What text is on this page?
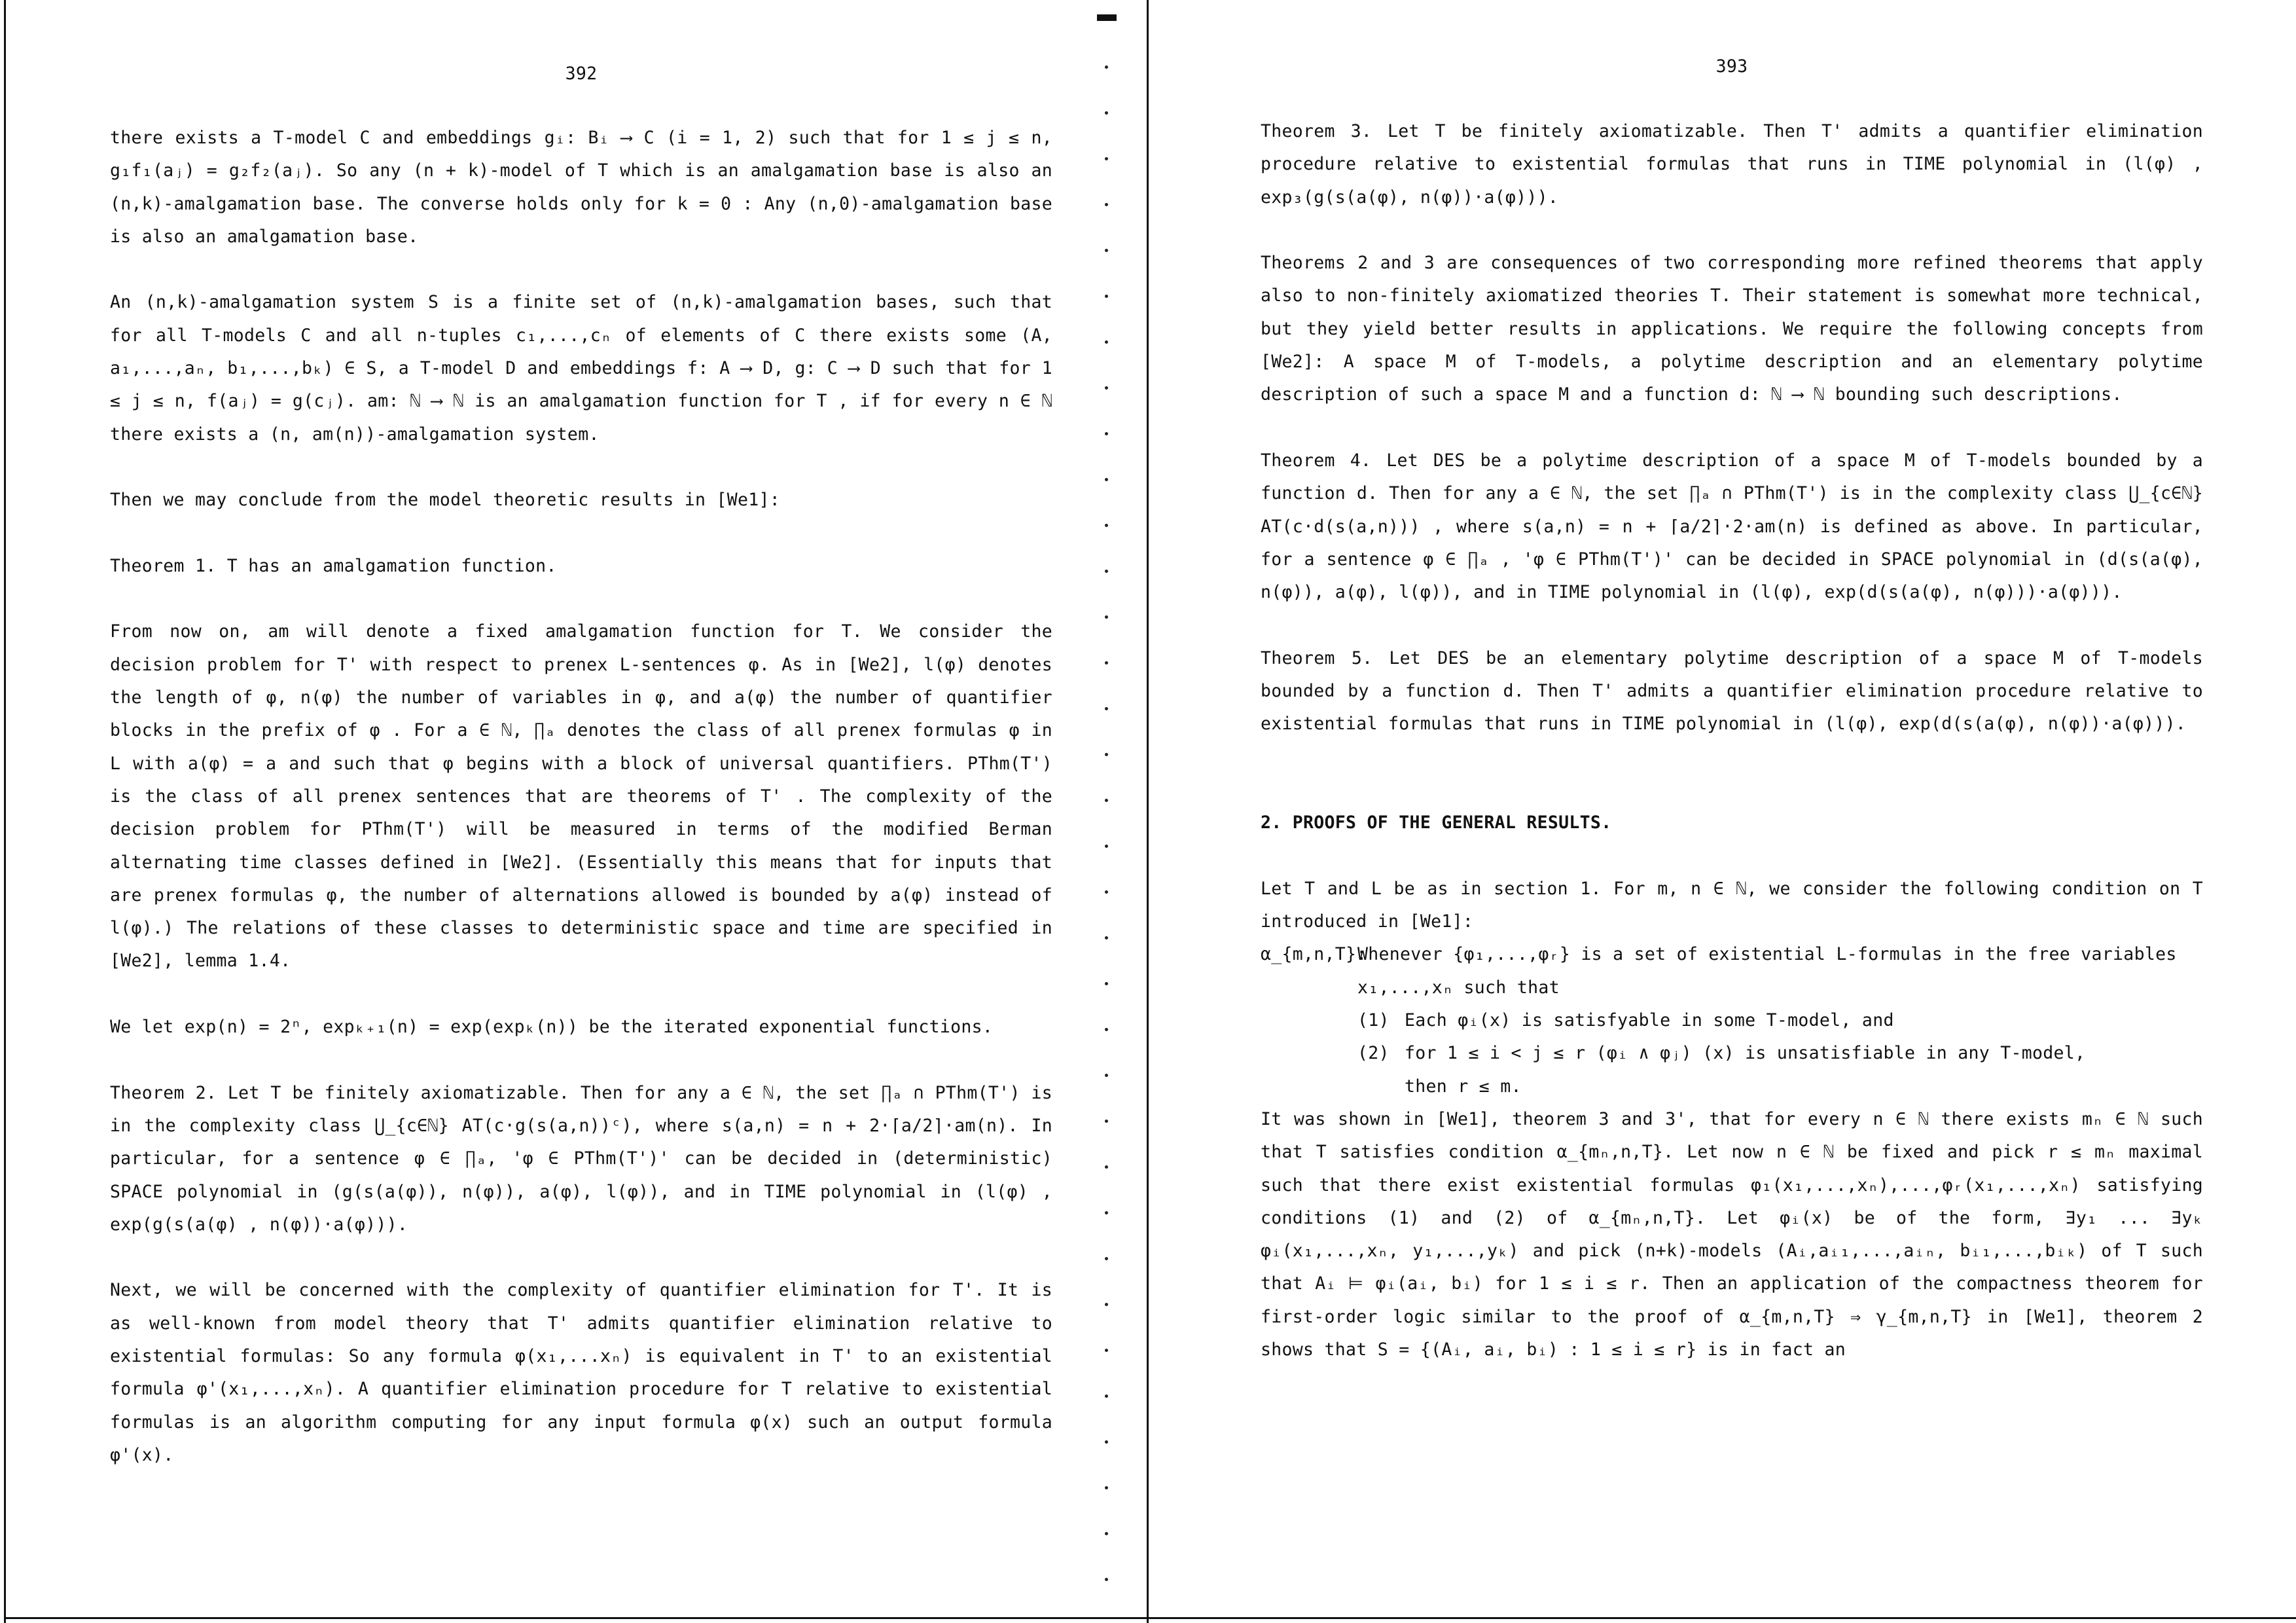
392

there exists a T-model C and embeddings gᵢ: Bᵢ ⟶ C (i = 1, 2) such that for 1 ≤ j ≤ n, g₁f₁(aⱼ) = g₂f₂(aⱼ). So any (n + k)-model of T which is an amalgamation base is also an (n,k)-amalgamation base. The converse holds only for k = 0 : Any (n,0)-amalgamation base is also an amalgamation base.

An (n,k)-amalgamation system S is a finite set of (n,k)-amalgamation bases, such that for all T-models C and all n-tuples c₁,...,cₙ of elements of C there exists some (A, a₁,...,aₙ, b₁,...,bₖ) ∈ S, a T-model D and embeddings f: A ⟶ D, g: C ⟶ D such that for 1 ≤ j ≤ n, f(aⱼ) = g(cⱼ). am: ℕ ⟶ ℕ is an amalgamation function for T , if for every n ∈ ℕ there exists a (n, am(n))-amalgamation system.

Then we may conclude from the model theoretic results in [We1]:

Theorem 1. T has an amalgamation function.

From now on, am will denote a fixed amalgamation function for T. We consider the decision problem for T' with respect to prenex L-sentences φ. As in [We2], l(φ) denotes the length of φ, n(φ) the number of variables in φ, and a(φ) the number of quantifier blocks in the prefix of φ . For a ∈ ℕ, ∏ₐ denotes the class of all prenex formulas φ in L with a(φ) = a and such that φ begins with a block of universal quantifiers. PThm(T') is the class of all prenex sentences that are theorems of T' . The complexity of the decision problem for PThm(T') will be measured in terms of the modified Berman alternating time classes defined in [We2]. (Essentially this means that for inputs that are prenex formulas φ, the number of alternations allowed is bounded by a(φ) instead of l(φ).) The relations of these classes to deterministic space and time are specified in [We2], lemma 1.4.

We let exp(n) = 2ⁿ, expₖ₊₁(n) = exp(expₖ(n)) be the iterated exponential functions.

Theorem 2. Let T be finitely axiomatizable. Then for any a ∈ ℕ, the set ∏ₐ ∩ PThm(T') is in the complexity class ⋃_{c∈ℕ} AT(c·g(s(a,n))ᶜ), where s(a,n) = n + 2·⌈a/2⌉·am(n). In particular, for a sentence φ ∈ ∏ₐ, 'φ ∈ PThm(T')' can be decided in (deterministic) SPACE polynomial in (g(s(a(φ)), n(φ)), a(φ), l(φ)), and in TIME polynomial in (l(φ) , exp(g(s(a(φ) , n(φ))·a(φ))).

Next, we will be concerned with the complexity of quantifier elimination for T'. It is as well-known from model theory that T' admits quantifier elimination relative to existential formulas: So any formula φ(x₁,...xₙ) is equivalent in T' to an existential formula φ'(x₁,...,xₙ). A quantifier elimination procedure for T relative to existential formulas is an algorithm computing for any input formula φ(x) such an output formula φ'(x).

393

Theorem 3. Let T be finitely axiomatizable. Then T' admits a quantifier elimination procedure relative to existential formulas that runs in TIME polynomial in (l(φ) , exp₃(g(s(a(φ), n(φ))·a(φ))).

Theorems 2 and 3 are consequences of two corresponding more refined theorems that apply also to non-finitely axiomatized theories T. Their statement is somewhat more technical, but they yield better results in applications. We require the following concepts from [We2]: A space M of T-models, a polytime description and an elementary polytime description of such a space M and a function d: ℕ ⟶ ℕ bounding such descriptions.

Theorem 4. Let DES be a polytime description of a space M of T-models bounded by a function d. Then for any a ∈ ℕ, the set ∏ₐ ∩ PThm(T') is in the complexity class ⋃_{c∈ℕ} AT(c·d(s(a,n))) , where s(a,n) = n + ⌈a/2⌉·2·am(n) is defined as above. In particular, for a sentence φ ∈ ∏ₐ , 'φ ∈ PThm(T')' can be decided in SPACE polynomial in (d(s(a(φ), n(φ)), a(φ), l(φ)), and in TIME polynomial in (l(φ), exp(d(s(a(φ), n(φ)))·a(φ))).

Theorem 5. Let DES be an elementary polytime description of a space M of T-models bounded by a function d. Then T' admits a quantifier elimination procedure relative to existential formulas that runs in TIME polynomial in (l(φ), exp(d(s(a(φ), n(φ))·a(φ))).

2. PROOFS OF THE GENERAL RESULTS.

Let T and L be as in section 1. For m, n ∈ ℕ, we consider the following condition on T introduced in [We1]:

α_{m,n,T}:
Whenever {φ₁,...,φᵣ} is a set of existential L-formulas in the free variables x₁,...,xₙ such that
(1) Each φᵢ(x) is satisfyable in some T-model, and
(2) for 1 ≤ i < j ≤ r (φᵢ ∧ φⱼ) (x) is unsatisfiable in any T-model,

then r ≤ m.

It was shown in [We1], theorem 3 and 3', that for every n ∈ ℕ there exists mₙ ∈ ℕ such that T satisfies condition α_{mₙ,n,T}. Let now n ∈ ℕ be fixed and pick r ≤ mₙ maximal such that there exist existential formulas φ₁(x₁,...,xₙ),...,φᵣ(x₁,...,xₙ) satisfying conditions (1) and (2) of α_{mₙ,n,T}. Let φᵢ(x) be of the form, ∃y₁ ... ∃yₖ φᵢ(x₁,...,xₙ, y₁,...,yₖ) and pick (n+k)-models (Aᵢ,aᵢ₁,...,aᵢₙ, bᵢ₁,...,bᵢₖ) of T such that Aᵢ ⊨ φᵢ(aᵢ, bᵢ) for 1 ≤ i ≤ r. Then an application of the compactness theorem for first-order logic similar to the proof of α_{m,n,T} ⇒ γ_{m,n,T} in [We1], theorem 2 shows that S = {(Aᵢ, aᵢ, bᵢ) : 1 ≤ i ≤ r} is in fact an
